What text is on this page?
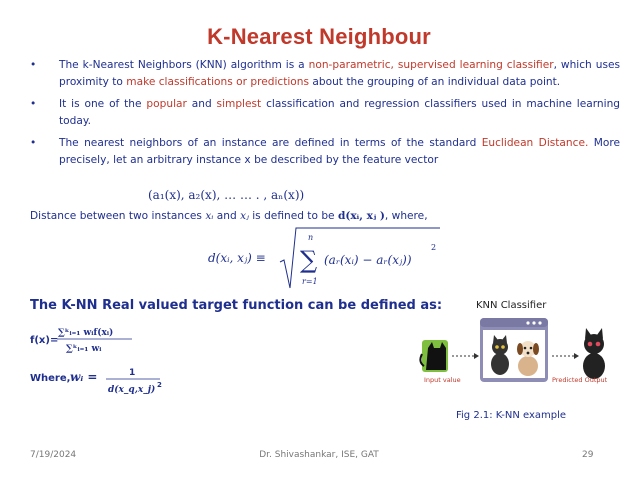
K-Nearest Neighbour
• The k-Nearest Neighbors (KNN) algorithm is a non-parametric, supervised learning classifier, which uses proximity to make classifications or predictions about the grouping of an individual data point.
• It is one of the popular and simplest classification and regression classifiers used in machine learning today.
• The nearest neighbors of an instance are defined in terms of the standard Euclidean Distance. More precisely, let an arbitrary instance x be described by the feature vector
(a₁(x), a₂(x), … … . , aₙ(x))
Distance between two instances xᵢ and xⱼ is defined to be d(xᵢ, xⱼ ), where,
d(xᵢ, xⱼ) ≡
n
∑
r=1
(aᵣ(xᵢ) − aᵣ(xⱼ))
2
The K-NN Real valued target function can be defined as:
f(x)=
∑ᵏᵢ₌₁ wᵢf(xᵢ)
∑ᵏᵢ₌₁ wᵢ
Where, wᵢ =	1
d(x_q,x_j) 2
KNN Classifier
Input value	Predicted Output
Fig 2.1: K-NN example
7/19/2024	Dr. Shivashankar, ISE, GAT	29
